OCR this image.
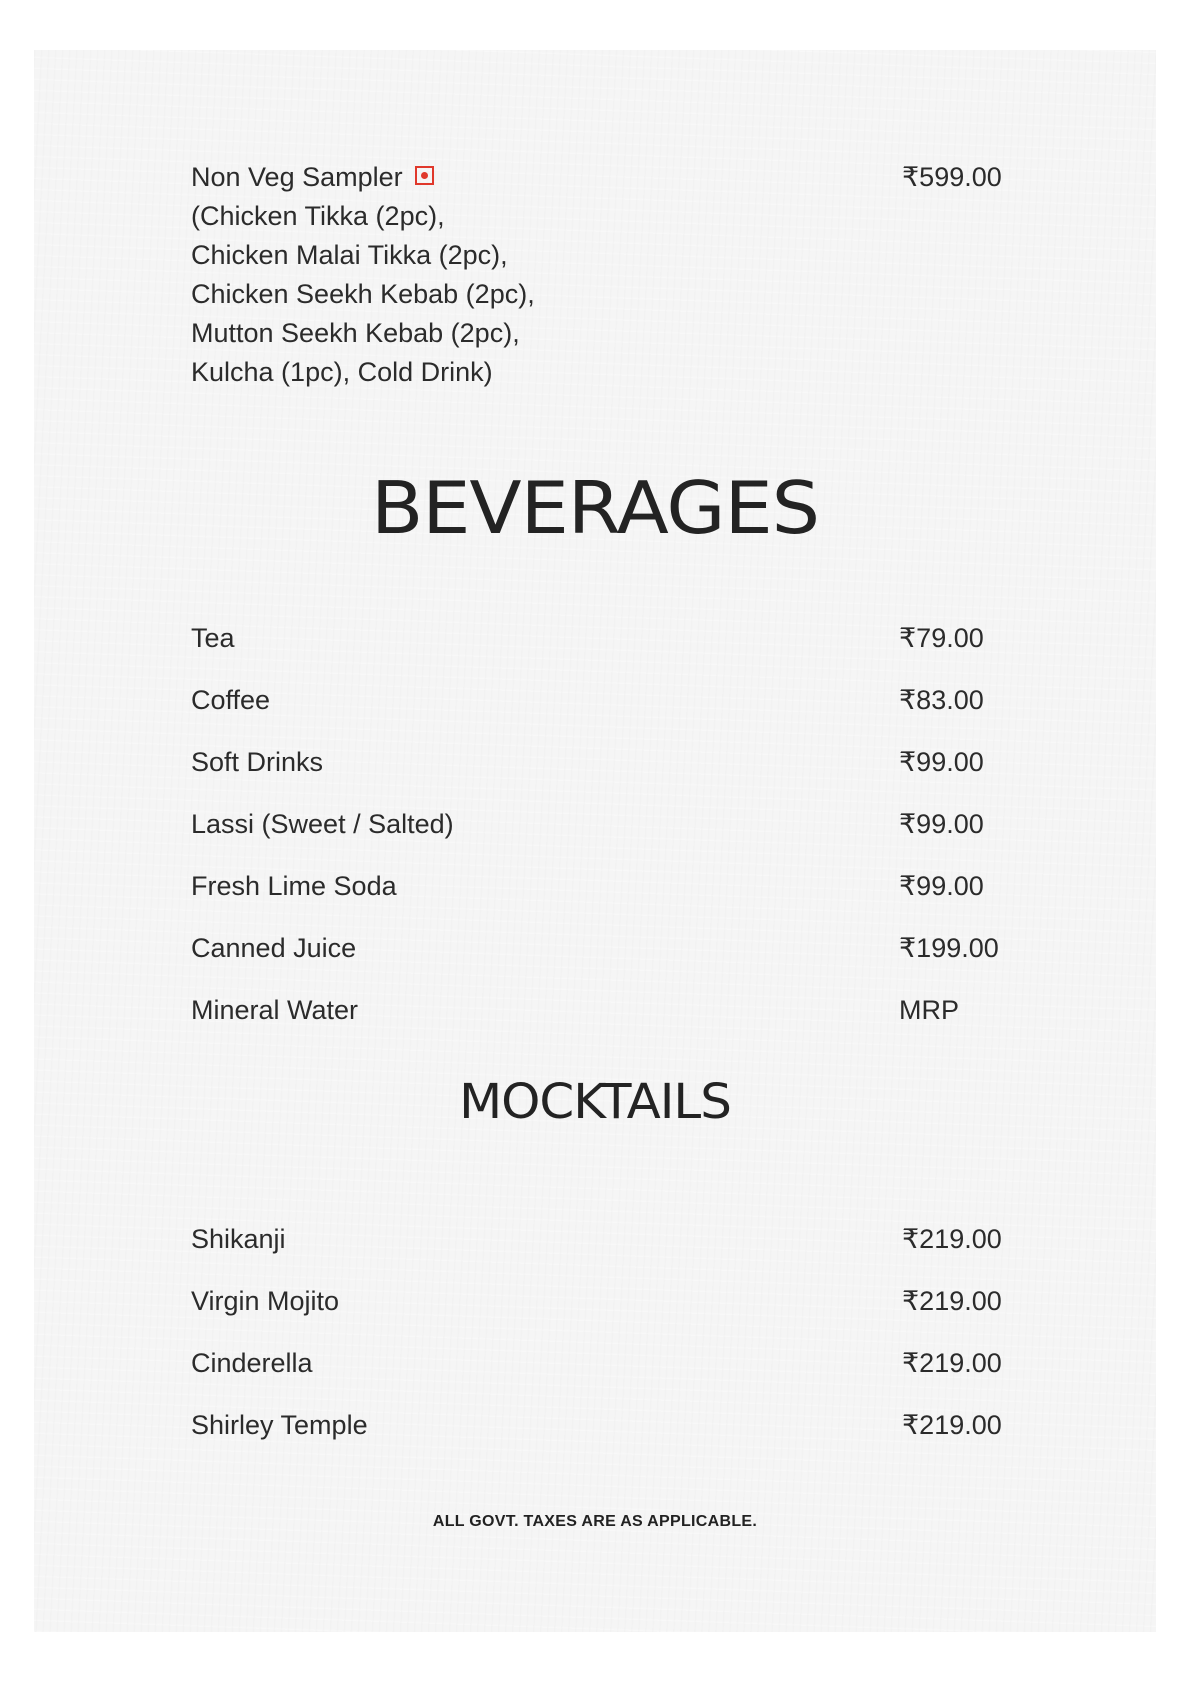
Non Veg Sampler
(Chicken Tikka (2pc),
Chicken Malai Tikka (2pc),
Chicken Seekh Kebab (2pc),
Mutton Seekh Kebab (2pc),
Kulcha (1pc), Cold Drink)
₹599.00
BEVERAGES
Tea	₹79.00
Coffee	₹83.00
Soft Drinks	₹99.00
Lassi (Sweet / Salted)	₹99.00
Fresh Lime Soda	₹99.00
Canned Juice	₹199.00
Mineral Water	MRP
MOCKTAILS
Shikanji	₹219.00
Virgin Mojito	₹219.00
Cinderella	₹219.00
Shirley Temple	₹219.00
ALL GOVT. TAXES ARE AS APPLICABLE.
